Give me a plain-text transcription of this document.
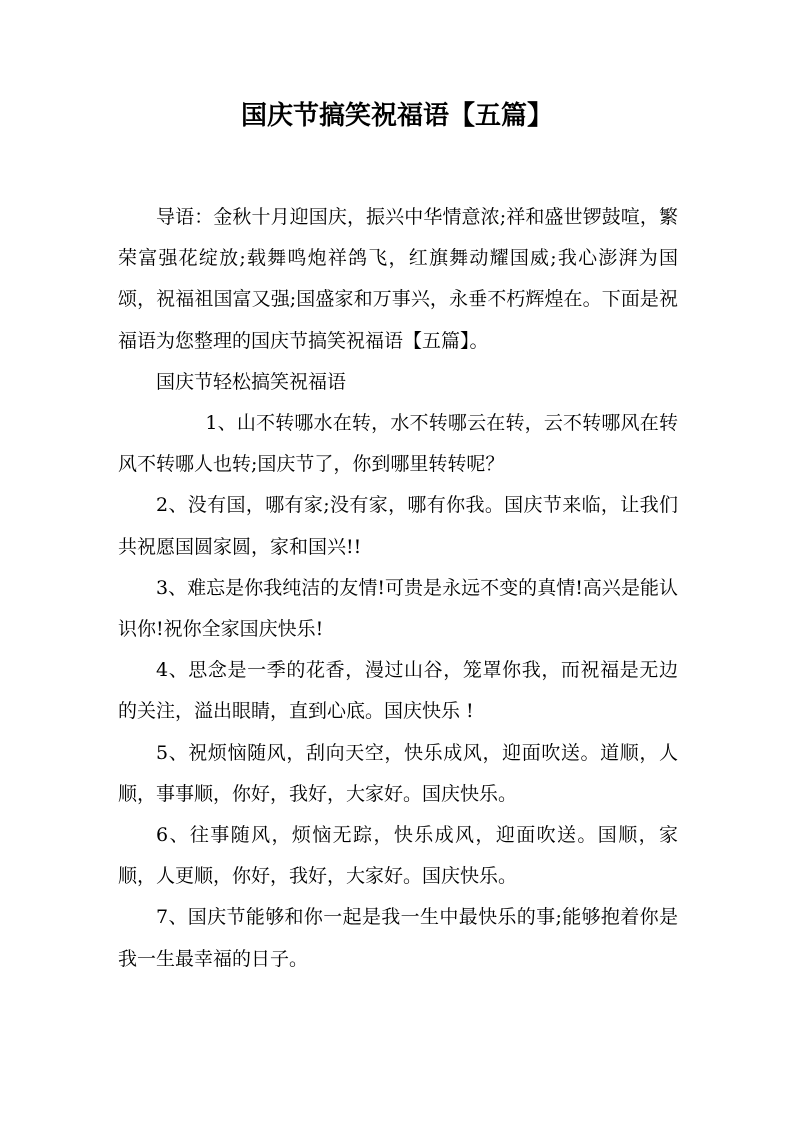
国庆节搞笑祝福语【五篇】

导语：金秋十月迎国庆，振兴中华情意浓;祥和盛世锣鼓喧，繁荣富强花绽放;载舞鸣炮祥鸽飞，红旗舞动耀国威;我心澎湃为国颂，祝福祖国富又强;国盛家和万事兴，永垂不朽辉煌在。下面是祝福语为您整理的国庆节搞笑祝福语【五篇】。

国庆节轻松搞笑祝福语

1、山不转哪水在转，水不转哪云在转，云不转哪风在转风不转哪人也转;国庆节了，你到哪里转转呢？

2、没有国，哪有家;没有家，哪有你我。国庆节来临，让我们共祝愿国圆家圆，家和国兴!!

3、难忘是你我纯洁的友情!可贵是永远不变的真情!高兴是能认识你!祝你全家国庆快乐!

4、思念是一季的花香，漫过山谷，笼罩你我，而祝福是无边的关注，溢出眼睛，直到心底。国庆快乐 !

5、祝烦恼随风，刮向天空，快乐成风，迎面吹送。道顺，人顺，事事顺，你好，我好，大家好。国庆快乐。

6、往事随风，烦恼无踪，快乐成风，迎面吹送。国顺，家顺，人更顺，你好，我好，大家好。国庆快乐。

7、国庆节能够和你一起是我一生中最快乐的事;能够抱着你是我一生最幸福的日子。
